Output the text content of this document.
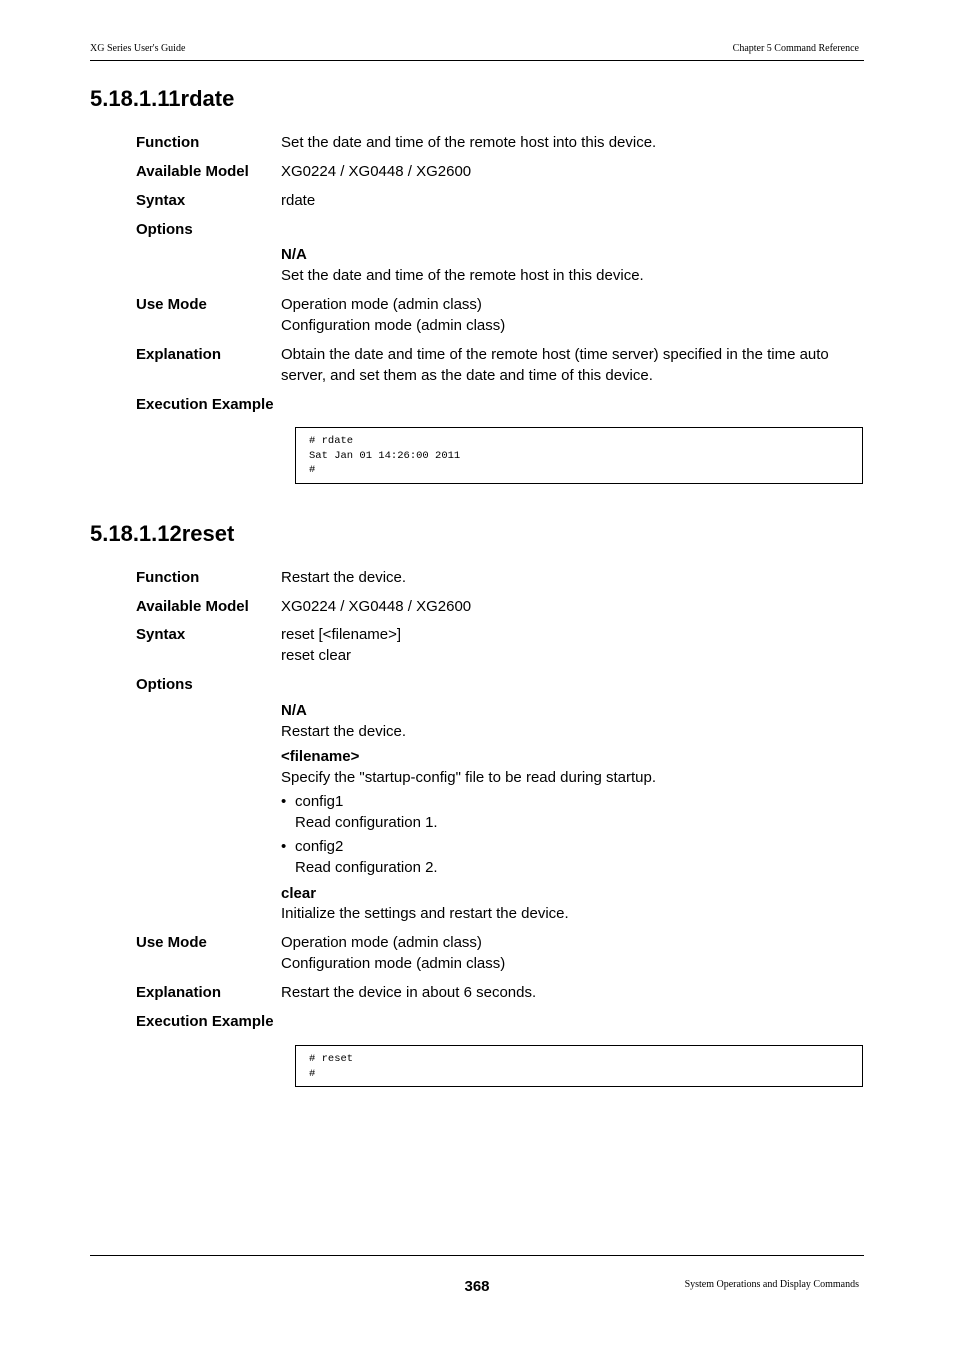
XG Series User's Guide	Chapter 5 Command Reference
5.18.1.11rdate
Function	Set the date and time of the remote host into this device.
Available Model XG0224 / XG0448 / XG2600
Syntax	rdate
Options
N/A
Set the date and time of the remote host in this device.
Use Mode	Operation mode (admin class)
Configuration mode (admin class)
Explanation	Obtain the date and time of the remote host (time server) specified in the time auto server, and set them as the date and time of this device.
Execution Example
# rdate
Sat Jan 01 14:26:00 2011
#
5.18.1.12reset
Function	Restart the device.
Available Model XG0224 / XG0448 / XG2600
Syntax	reset [<filename>]
reset clear
Options
N/A
Restart the device.
<filename>
Specify the "startup-config" file to be read during startup.
• config1
Read configuration 1.
• config2
Read configuration 2.
clear
Initialize the settings and restart the device.
Use Mode	Operation mode (admin class)
Configuration mode (admin class)
Explanation	Restart the device in about 6 seconds.
Execution Example
# reset
#
368	System Operations and Display Commands
